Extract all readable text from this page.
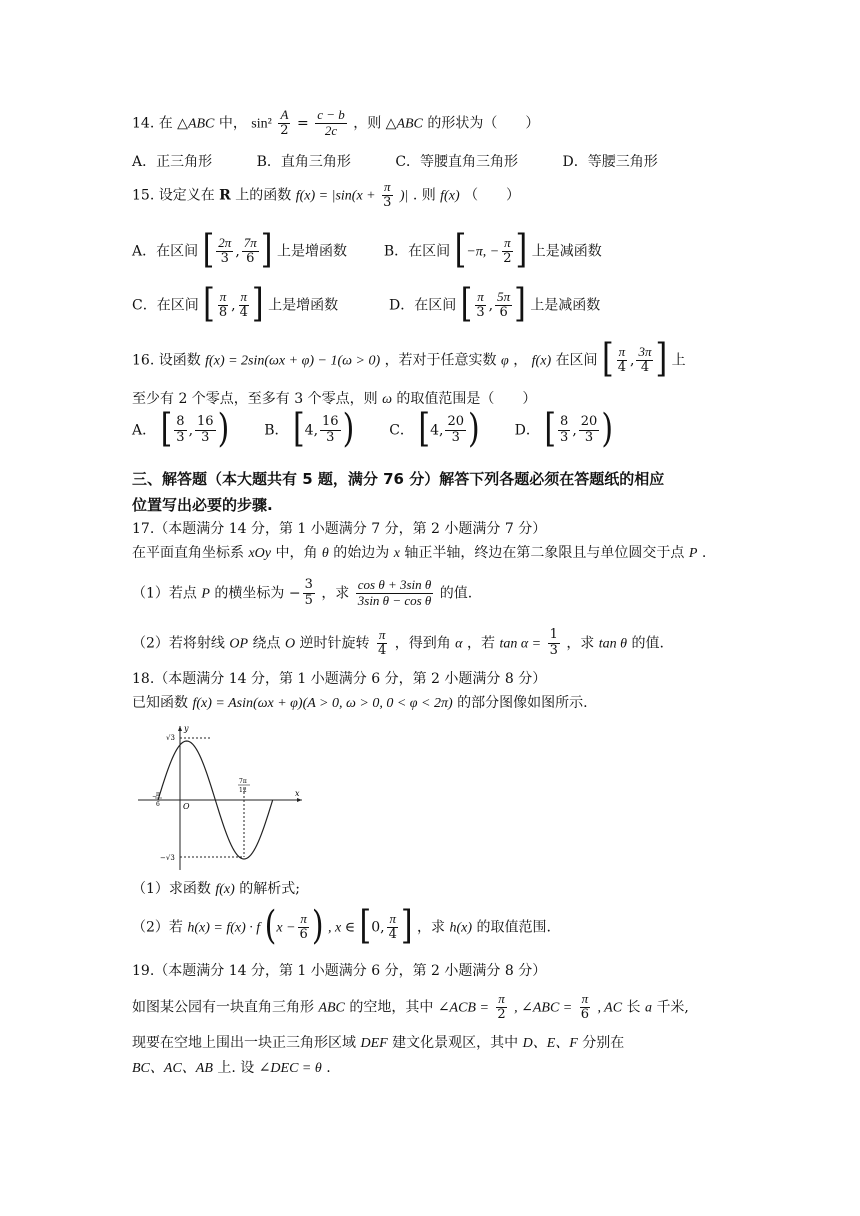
14. 在 △ABC 中， $\sin^2 \frac{A}{2} = \frac{c - b}{2c}$ ，则 △ABC 的形状为（　　）
A．正三角形	B．直角三角形	C．等腰直角三角形	D．等腰三角形
15. 设定义在 R 上的函数 $f(x) = |\sin(x + \frac{\pi}{3}$ )| . 则 f(x) （　　）
A．在区间 [ $\frac{2\pi}{3}$ , $\frac{7\pi}{6}$ ] 上是增函数	B．在区间 [−π, − $\frac{\pi}{2}$ ] 上是减函数
C．在区间 [ $\frac{\pi}{8}$ , $\frac{\pi}{4}$ ] 上是增函数	D．在区间 [ $\frac{\pi}{3}$ , $\frac{5\pi}{6}$ ] 上是减函数
16. 设函数 f(x) = 2sin(ωx + φ) − 1(ω > 0) ，若对于任意实数 φ ， f(x) 在区间 [ $\frac{\pi}{4}$ , $\frac{3\pi}{4}$ ] 上
至少有 2 个零点，至多有 3 个零点，则 ω 的取值范围是（　　）
A． [ $\frac{8}{3}$ , $\frac{16}{3}$ ) B． [4, $\frac{16}{3}$ ) C． [4, $\frac{20}{3}$ ) D． [ $\frac{8}{3}$ , $\frac{20}{3}$ )
三、解答题（本大题共有 5 题，满分 76 分）解答下列各题必须在答题纸的相应
位置写出必要的步骤.
17.（本题满分 14 分，第 1 小题满分 7 分，第 2 小题满分 7 分）
在平面直角坐标系 xOy 中，角 θ 的始边为 x 轴正半轴，终边在第二象限且与单位圆交于点 P .
（1）若点 P 的横坐标为 − $\frac{3}{5}$ ，求 $\frac{\text{cos θ + 3sin θ}}{\text{3sin θ − cos θ}}$ 的值.
（2）若将射线 OP 绕点 O 逆时针旋转 $\frac{\pi}{4}$ ，得到角 α ，若 $\tan \alpha = \frac{1}{3}$ ，求 tan θ 的值.
18.（本题满分 14 分，第 1 小题满分 6 分，第 2 小题满分 8 分）
已知函数 f(x) = Asin(ωx + φ)(A > 0, ω > 0, 0 < φ < 2π) 的部分图像如图所示.
y
x
O
√3
−√3
−
π
6
7π
12
（1）求函数 f(x) 的解析式;
（2）若 h(x) = f(x) · f ($x - \frac{\pi}{6}$ ) , x ∈ [0, $\frac{\pi}{4}$ ] ，求 h(x) 的取值范围.
19.（本题满分 14 分，第 1 小题满分 6 分，第 2 小题满分 8 分）
如图某公园有一块直角三角形 ABC 的空地，其中 ∠ACB = $\frac{\pi}{2}$ , ∠ABC = $\frac{\pi}{6}$ , AC 长 a 千米,
现要在空地上围出一块正三角形区域 DEF 建文化景观区，其中 D、E、F 分别在
BC、AC、AB 上. 设 ∠DEC = θ .
